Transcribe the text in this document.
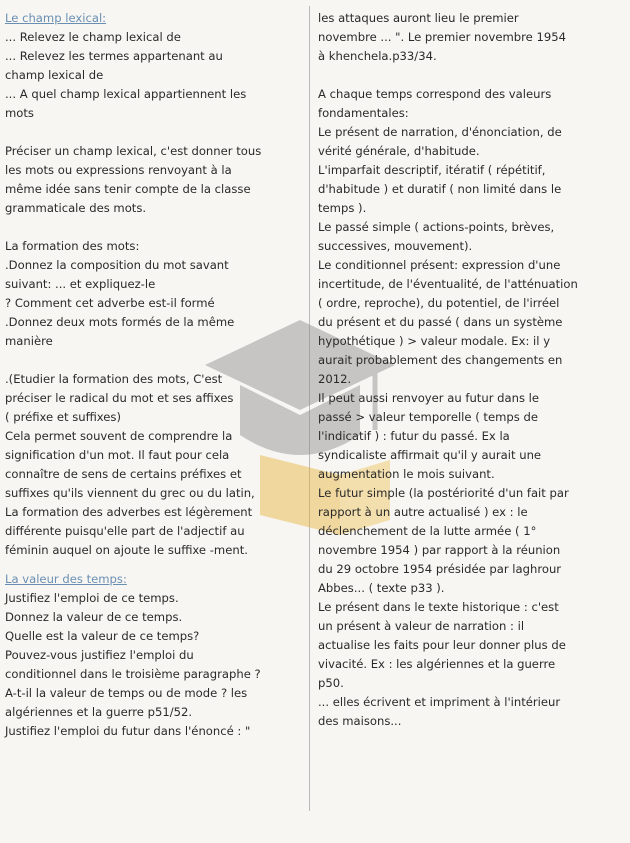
Le champ lexical:
... Relevez le champ lexical de
... Relevez les termes appartenant au
champ lexical de
... A quel champ lexical appartiennent les
mots
Préciser un champ lexical, c'est donner tous
les mots ou expressions renvoyant à la
même idée sans tenir compte de la classe
grammaticale des mots.
La formation des mots:
.Donnez la composition du mot savant
suivant: ... et expliquez-le
? Comment cet adverbe est-il formé
.Donnez deux mots formés de la même
manière
.(Etudier la formation des mots, C'est
préciser le radical du mot et ses affixes
( préfixe et suffixes)
Cela permet souvent de comprendre la
signification d'un mot. Il faut pour cela
connaître de sens de certains préfixes et
suffixes qu'ils viennent du grec ou du latin,
La formation des adverbes est légèrement
différente puisqu'elle part de l'adjectif au
féminin auquel on ajoute le suffixe -ment.
La valeur des temps:
Justifiez l'emploi de ce temps.
Donnez la valeur de ce temps.
Quelle est la valeur de ce temps?
Pouvez-vous justifiez l'emploi du
conditionnel dans le troisième paragraphe ?
A-t-il la valeur de temps ou de mode ? les
algériennes et la guerre p51/52.
Justifiez l'emploi du futur dans l'énoncé : "
les attaques auront lieu le premier
novembre ... ". Le premier novembre 1954
à khenchela.p33/34.
A chaque temps correspond des valeurs
fondamentales:
Le présent de narration, d'énonciation, de
vérité générale, d'habitude.
L'imparfait descriptif, itératif ( répétitif,
d'habitude ) et duratif ( non limité dans le
temps ).
Le passé simple ( actions-points, brèves,
successives, mouvement).
Le conditionnel présent: expression d'une
incertitude, de l'éventualité, de l'atténuation
( ordre, reproche), du potentiel, de l'irréel
du présent et du passé ( dans un système
hypothétique ) > valeur modale. Ex: il y
aurait probablement des changements en
2012.
Il peut aussi renvoyer au futur dans le
passé > valeur temporelle ( temps de
l'indicatif ) : futur du passé. Ex la
syndicaliste affirmait qu'il y aurait une
augmentation le mois suivant.
Le futur simple (la postériorité d'un fait par
rapport à un autre actualisé ) ex : le
déclenchement de la lutte armée ( 1°
novembre 1954 ) par rapport à la réunion
du 29 octobre 1954 présidée par laghrour
Abbes... ( texte p33 ).
Le présent dans le texte historique : c'est
un présent à valeur de narration : il
actualise les faits pour leur donner plus de
vivacité. Ex : les algériennes et la guerre
p50.
... elles écrivent et impriment à l'intérieur
des maisons...
